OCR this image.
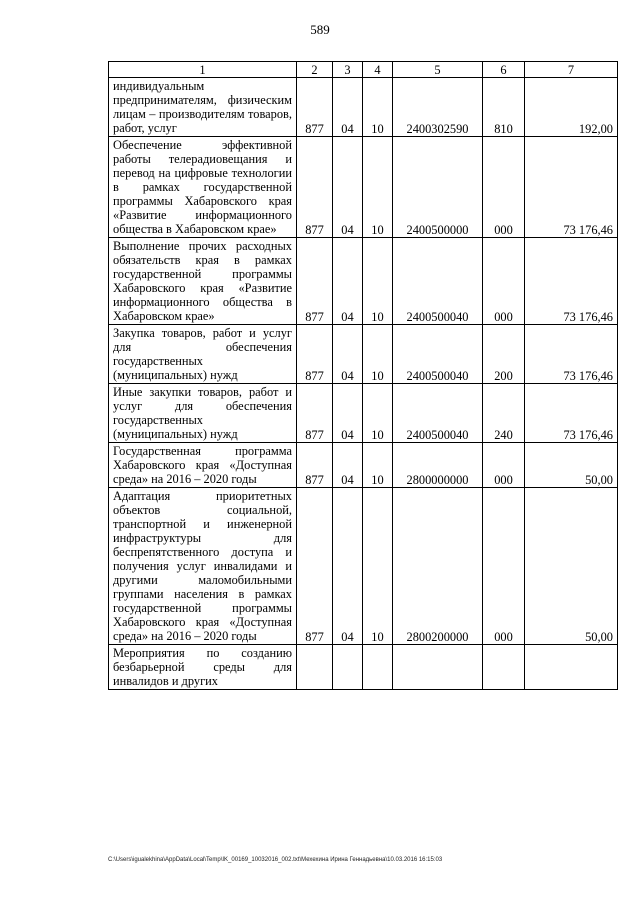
589
1	2	3	4	5	6	7
индивидуальным предпринимателям, физическим лицам – производителям товаров, работ, услуг	877	04	10	2400302590	810	192,00
Обеспечение эффективной работы телерадиовещания и перевод на цифровые технологии в рамках государственной программы Хабаровского края «Развитие информационного общества в Хабаровском крае»	877	04	10	2400500000	000	73 176,46
Выполнение прочих расходных обязательств края в рамках государственной программы Хабаровского края «Развитие информационного общества в Хабаровском крае»	877	04	10	2400500040	000	73 176,46
Закупка товаров, работ и услуг для обеспечения государственных (муниципальных) нужд	877	04	10	2400500040	200	73 176,46
Иные закупки товаров, работ и услуг для обеспечения государственных (муниципальных) нужд	877	04	10	2400500040	240	73 176,46
Государственная программа Хабаровского края «Доступная среда» на 2016 – 2020 годы	877	04	10	2800000000	000	50,00
Адаптация приоритетных объектов социальной, транспортной и инженерной инфраструктуры для беспрепятственного доступа и получения услуг инвалидами и другими маломобильными группами населения в рамках государственной программы Хабаровского края «Доступная среда» на 2016 – 2020 годы	877	04	10	2800200000	000	50,00
Мероприятия по созданию безбарьерной среды для инвалидов и других						
C:\Users\igualekhina\AppData\Local\Temp\IK_00169_10032016_002.txt\Мехехина Ирина Геннадьевна\10.03.2016 16:15:03
